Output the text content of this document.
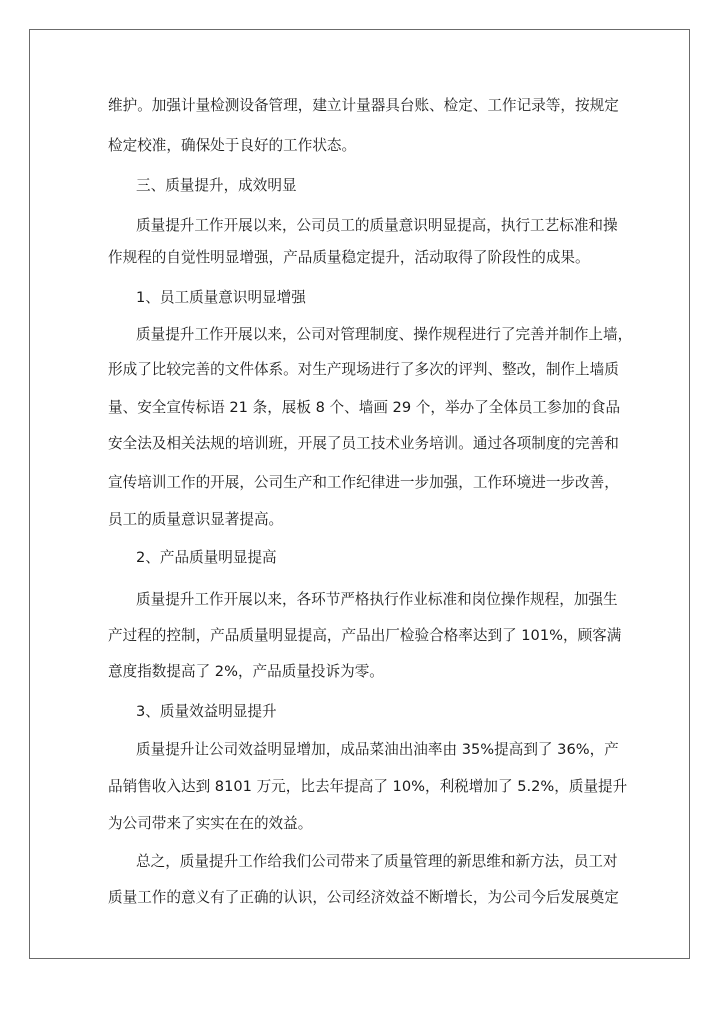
维护。加强计量检测设备管理，建立计量器具台账、检定、工作记录等，按规定
检定校准，确保处于良好的工作状态。
三、质量提升，成效明显
质量提升工作开展以来，公司员工的质量意识明显提高，执行工艺标准和操
作规程的自觉性明显增强，产品质量稳定提升，活动取得了阶段性的成果。
1、员工质量意识明显增强
质量提升工作开展以来，公司对管理制度、操作规程进行了完善并制作上墙，
形成了比较完善的文件体系。对生产现场进行了多次的评判、整改，制作上墙质
量、安全宣传标语 21 条，展板 8 个、墙画 29 个，举办了全体员工参加的食品
安全法及相关法规的培训班，开展了员工技术业务培训。通过各项制度的完善和
宣传培训工作的开展，公司生产和工作纪律进一步加强，工作环境进一步改善，
员工的质量意识显著提高。
2、产品质量明显提高
质量提升工作开展以来，各环节严格执行作业标准和岗位操作规程，加强生
产过程的控制，产品质量明显提高，产品出厂检验合格率达到了 101%，顾客满
意度指数提高了 2%，产品质量投诉为零。
3、质量效益明显提升
质量提升让公司效益明显增加，成品菜油出油率由 35%提高到了 36%，产
品销售收入达到 8101 万元，比去年提高了 10%，利税增加了 5.2%，质量提升
为公司带来了实实在在的效益。
总之，质量提升工作给我们公司带来了质量管理的新思维和新方法，员工对
质量工作的意义有了正确的认识，公司经济效益不断增长，为公司今后发展奠定
